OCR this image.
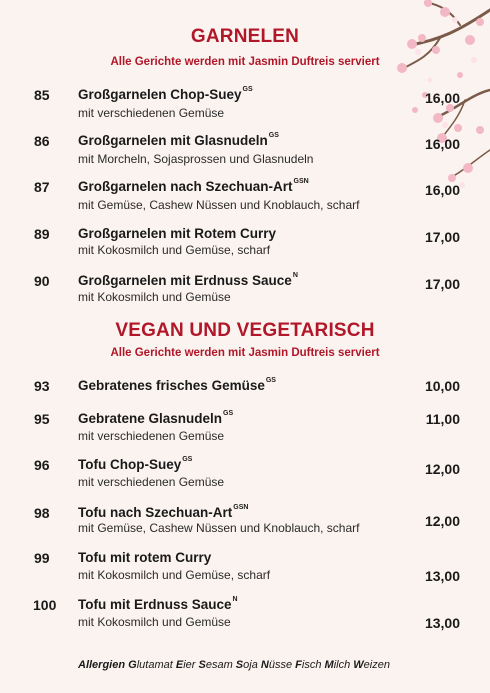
GARNELEN
Alle Gerichte werden mit Jasmin Duftreis serviert
85	Großgarnelen Chop-Suey$^{GS}$
mit verschiedenen Gemüse
16,00
86	Großgarnelen mit Glasnudeln$^{GS}$
mit Morcheln, Sojasprossen und Glasnudeln
16,00
87	Großgarnelen nach Szechuan-Art$^{GSN}$
mit Gemüse, Cashew Nüssen und Knoblauch, scharf
16,00
89	Großgarnelen mit Rotem Curry
mit Kokosmilch und Gemüse, scharf
17,00
90	Großgarnelen mit Erdnuss Sauce$^N$
mit Kokosmilch und Gemüse
17,00
VEGAN UND VEGETARISCH
Alle Gerichte werden mit Jasmin Duftreis serviert
93	Gebratenes frisches Gemüse$^{GS}$	10,00
95	Gebratene Glasnudeln$^{GS}$
mit verschiedenen Gemüse
11,00
96	Tofu Chop-Suey$^{GS}$
mit verschiedenen Gemüse
12,00
98	Tofu nach Szechuan-Art$^{GSN}$
mit Gemüse, Cashew Nüssen und Knoblauch, scharf	12,00
99	Tofu mit rotem Curry
mit Kokosmilch und Gemüse, scharf	13,00
100	Tofu mit Erdnuss Sauce$^N$
mit Kokosmilch und Gemüse	13,00
Allergien Glutamat Eier Sesam Soja Nüsse Fisch Milch Weizen
